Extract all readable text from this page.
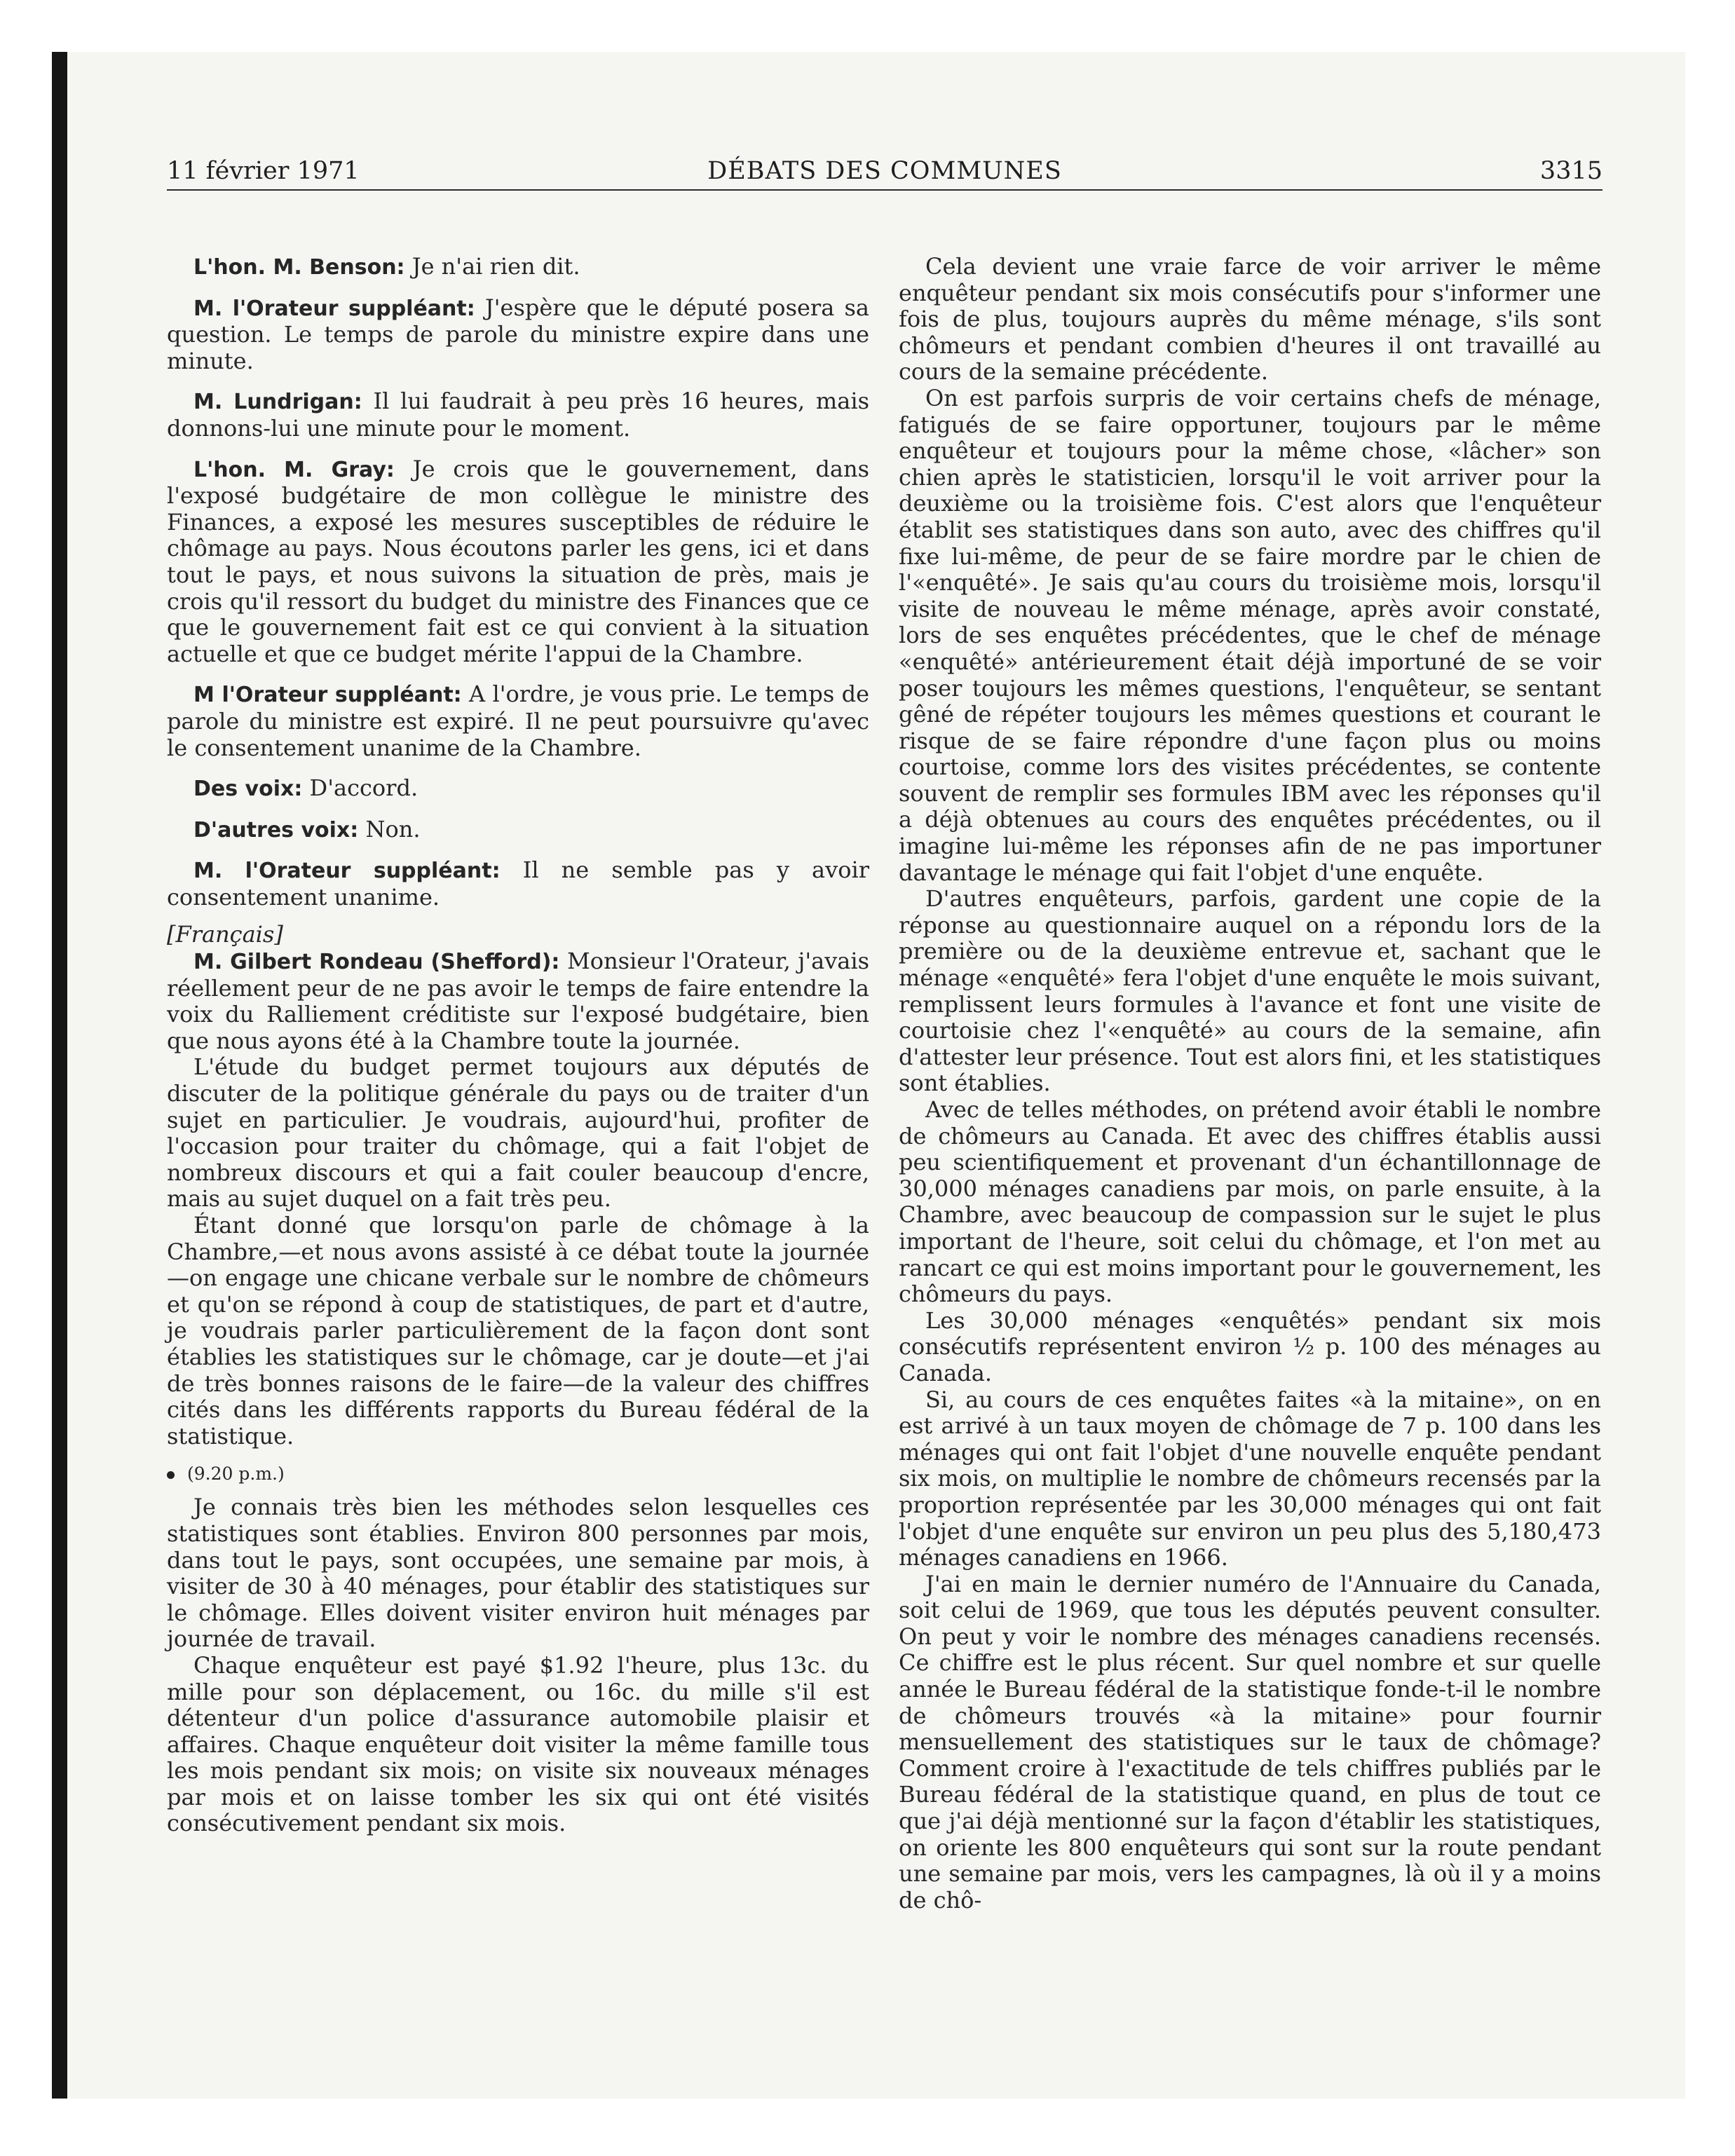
11 février 1971	DÉBATS DES COMMUNES	3315

L'hon. M. Benson: Je n'ai rien dit.

M. l'Orateur suppléant: J'espère que le député posera sa question. Le temps de parole du ministre expire dans une minute.

M. Lundrigan: Il lui faudrait à peu près 16 heures, mais donnons-lui une minute pour le moment.

L'hon. M. Gray: Je crois que le gouvernement, dans l'exposé budgétaire de mon collègue le ministre des Finances, a exposé les mesures susceptibles de réduire le chômage au pays. Nous écoutons parler les gens, ici et dans tout le pays, et nous suivons la situation de près, mais je crois qu'il ressort du budget du ministre des Finances que ce que le gouvernement fait est ce qui convient à la situation actuelle et que ce budget mérite l'appui de la Chambre.

M l'Orateur suppléant: A l'ordre, je vous prie. Le temps de parole du ministre est expiré. Il ne peut poursuivre qu'avec le consentement unanime de la Chambre.

Des voix: D'accord.

D'autres voix: Non.

M. l'Orateur suppléant: Il ne semble pas y avoir consentement unanime.

[Français]

M. Gilbert Rondeau (Shefford): Monsieur l'Orateur, j'avais réellement peur de ne pas avoir le temps de faire entendre la voix du Ralliement créditiste sur l'exposé budgétaire, bien que nous ayons été à la Chambre toute la journée.

L'étude du budget permet toujours aux députés de discuter de la politique générale du pays ou de traiter d'un sujet en particulier. Je voudrais, aujourd'hui, profiter de l'occasion pour traiter du chômage, qui a fait l'objet de nombreux discours et qui a fait couler beaucoup d'encre, mais au sujet duquel on a fait très peu.

Étant donné que lorsqu'on parle de chômage à la Chambre,—et nous avons assisté à ce débat toute la journée—on engage une chicane verbale sur le nombre de chômeurs et qu'on se répond à coup de statistiques, de part et d'autre, je voudrais parler particulièrement de la façon dont sont établies les statistiques sur le chômage, car je doute—et j'ai de très bonnes raisons de le faire—de la valeur des chiffres cités dans les différents rapports du Bureau fédéral de la statistique.

(9.20 p.m.)

Je connais très bien les méthodes selon lesquelles ces statistiques sont établies. Environ 800 personnes par mois, dans tout le pays, sont occupées, une semaine par mois, à visiter de 30 à 40 ménages, pour établir des statistiques sur le chômage. Elles doivent visiter environ huit ménages par journée de travail.

Chaque enquêteur est payé $1.92 l'heure, plus 13c. du mille pour son déplacement, ou 16c. du mille s'il est détenteur d'un police d'assurance automobile plaisir et affaires. Chaque enquêteur doit visiter la même famille tous les mois pendant six mois; on visite six nouveaux ménages par mois et on laisse tomber les six qui ont été visités consécutivement pendant six mois.

Cela devient une vraie farce de voir arriver le même enquêteur pendant six mois consécutifs pour s'informer une fois de plus, toujours auprès du même ménage, s'ils sont chômeurs et pendant combien d'heures il ont travaillé au cours de la semaine précédente.

On est parfois surpris de voir certains chefs de ménage, fatigués de se faire opportuner, toujours par le même enquêteur et toujours pour la même chose, «lâcher» son chien après le statisticien, lorsqu'il le voit arriver pour la deuxième ou la troisième fois. C'est alors que l'enquêteur établit ses statistiques dans son auto, avec des chiffres qu'il fixe lui-même, de peur de se faire mordre par le chien de l'«enquêté». Je sais qu'au cours du troisième mois, lorsqu'il visite de nouveau le même ménage, après avoir constaté, lors de ses enquêtes précédentes, que le chef de ménage «enquêté» antérieurement était déjà importuné de se voir poser toujours les mêmes questions, l'enquêteur, se sentant gêné de répéter toujours les mêmes questions et courant le risque de se faire répondre d'une façon plus ou moins courtoise, comme lors des visites précédentes, se contente souvent de remplir ses formules IBM avec les réponses qu'il a déjà obtenues au cours des enquêtes précédentes, ou il imagine lui-même les réponses afin de ne pas importuner davantage le ménage qui fait l'objet d'une enquête.

D'autres enquêteurs, parfois, gardent une copie de la réponse au questionnaire auquel on a répondu lors de la première ou de la deuxième entrevue et, sachant que le ménage «enquêté» fera l'objet d'une enquête le mois suivant, remplissent leurs formules à l'avance et font une visite de courtoisie chez l'«enquêté» au cours de la semaine, afin d'attester leur présence. Tout est alors fini, et les statistiques sont établies.

Avec de telles méthodes, on prétend avoir établi le nombre de chômeurs au Canada. Et avec des chiffres établis aussi peu scientifiquement et provenant d'un échantillonnage de 30,000 ménages canadiens par mois, on parle ensuite, à la Chambre, avec beaucoup de compassion sur le sujet le plus important de l'heure, soit celui du chômage, et l'on met au rancart ce qui est moins important pour le gouvernement, les chômeurs du pays.

Les 30,000 ménages «enquêtés» pendant six mois consécutifs représentent environ ½ p. 100 des ménages au Canada.

Si, au cours de ces enquêtes faites «à la mitaine», on en est arrivé à un taux moyen de chômage de 7 p. 100 dans les ménages qui ont fait l'objet d'une nouvelle enquête pendant six mois, on multiplie le nombre de chômeurs recensés par la proportion représentée par les 30,000 ménages qui ont fait l'objet d'une enquête sur environ un peu plus des 5,180,473 ménages canadiens en 1966.

J'ai en main le dernier numéro de l'Annuaire du Canada, soit celui de 1969, que tous les députés peuvent consulter. On peut y voir le nombre des ménages canadiens recensés. Ce chiffre est le plus récent. Sur quel nombre et sur quelle année le Bureau fédéral de la statistique fonde-t-il le nombre de chômeurs trouvés «à la mitaine» pour fournir mensuellement des statistiques sur le taux de chômage? Comment croire à l'exactitude de tels chiffres publiés par le Bureau fédéral de la statistique quand, en plus de tout ce que j'ai déjà mentionné sur la façon d'établir les statistiques, on oriente les 800 enquêteurs qui sont sur la route pendant une semaine par mois, vers les campagnes, là où il y a moins de chô-
